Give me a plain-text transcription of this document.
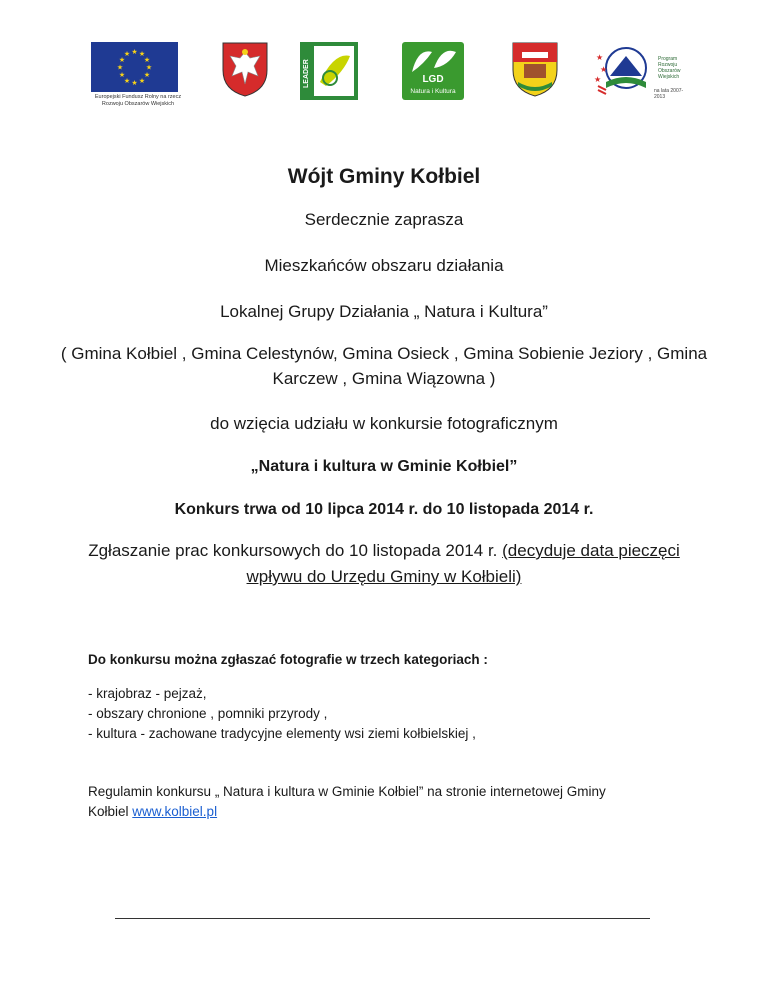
★ ★
★
★
★
★
★
★
★
★
★
★
Europejski Fundusz Rolny na rzecz Rozwoju Obszarów Wiejskich
LEADER	LGD
Natura i Kultura
★
★
★
Program Rozwoju Obszarów Wiejskich
na lata 2007-2013
Wójt Gminy Kołbiel
Serdecznie zaprasza
Mieszkańców obszaru działania
Lokalnej Grupy Działania „ Natura i Kultura”
( Gmina Kołbiel , Gmina Celestynów, Gmina Osieck , Gmina Sobienie Jeziory , Gmina Karczew , Gmina Wiązowna )
do wzięcia udziału w konkursie fotograficznym
„Natura i kultura w Gminie Kołbiel”
Konkurs trwa od 10 lipca 2014 r. do 10 listopada 2014 r.
Zgłaszanie prac konkursowych do 10 listopada 2014 r. (decyduje data pieczęci wpływu do Urzędu Gminy w Kołbieli)
Do konkursu można zgłaszać fotografie w trzech kategoriach :
- krajobraz - pejzaż,
- obszary chronione , pomniki przyrody ,
- kultura - zachowane tradycyjne elementy wsi ziemi kołbielskiej ,
Regulamin konkursu „ Natura i kultura w Gminie Kołbiel” na stronie internetowej Gminy Kołbiel www.kolbiel.pl
